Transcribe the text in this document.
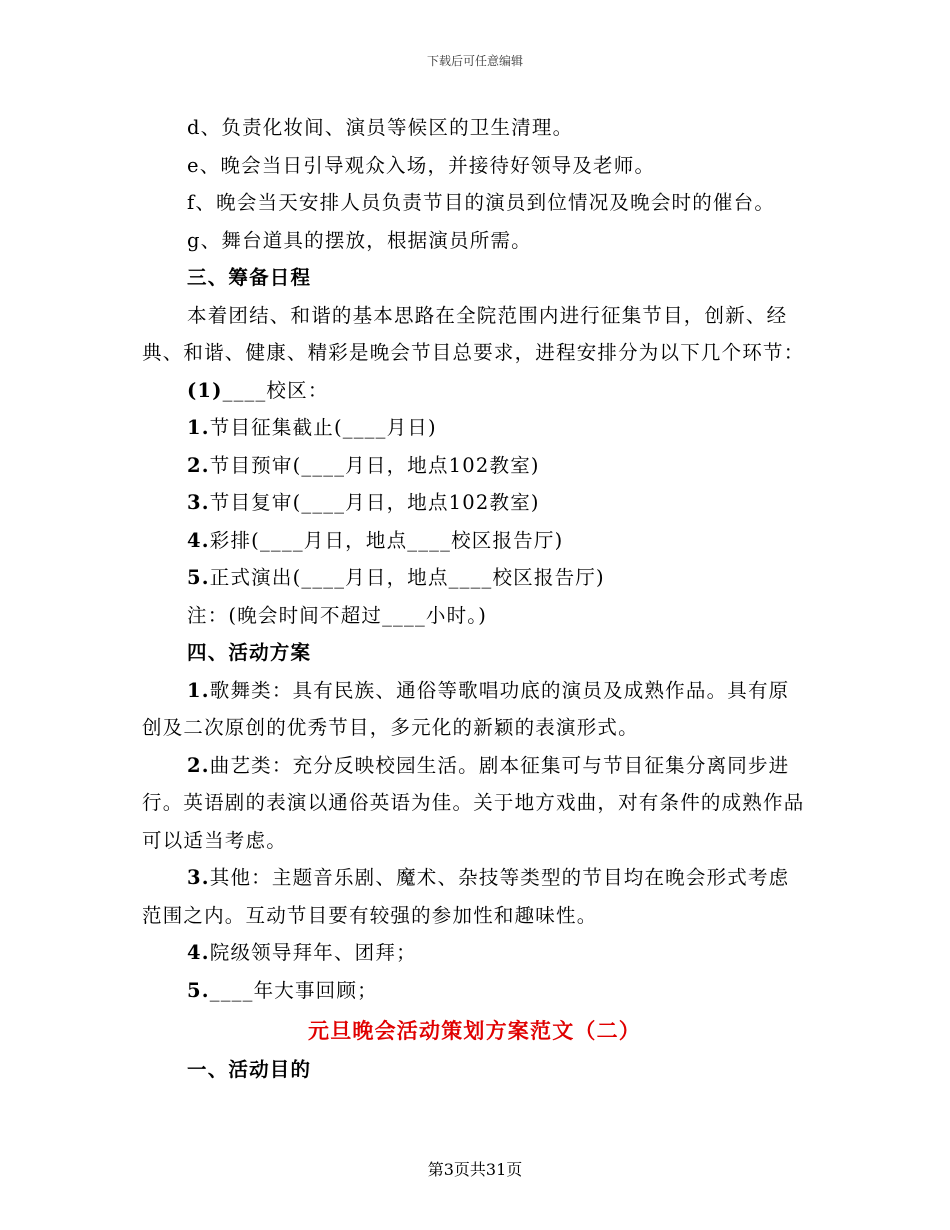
下载后可任意编辑

d、负责化妆间、演员等候区的卫生清理。

e、晚会当日引导观众入场，并接待好领导及老师。

f、晚会当天安排人员负责节目的演员到位情况及晚会时的催台。

g、舞台道具的摆放，根据演员所需。

三、筹备日程

本着团结、和谐的基本思路在全院范围内进行征集节目，创新、经典、和谐、健康、精彩是晚会节目总要求，进程安排分为以下几个环节：

(1)____校区：

1.节目征集截止(____月日)

2.节目预审(____月日，地点102教室)

3.节目复审(____月日，地点102教室)

4.彩排(____月日，地点____校区报告厅)

5.正式演出(____月日，地点____校区报告厅)

注：(晚会时间不超过____小时。)

四、活动方案

1.歌舞类：具有民族、通俗等歌唱功底的演员及成熟作品。具有原创及二次原创的优秀节目，多元化的新颖的表演形式。

2.曲艺类：充分反映校园生活。剧本征集可与节目征集分离同步进行。英语剧的表演以通俗英语为佳。关于地方戏曲，对有条件的成熟作品可以适当考虑。

3.其他：主题音乐剧、魔术、杂技等类型的节目均在晚会形式考虑范围之内。互动节目要有较强的参加性和趣味性。

4.院级领导拜年、团拜；

5.____年大事回顾；

元旦晚会活动策划方案范文（二）

一、活动目的

第3页共31页
